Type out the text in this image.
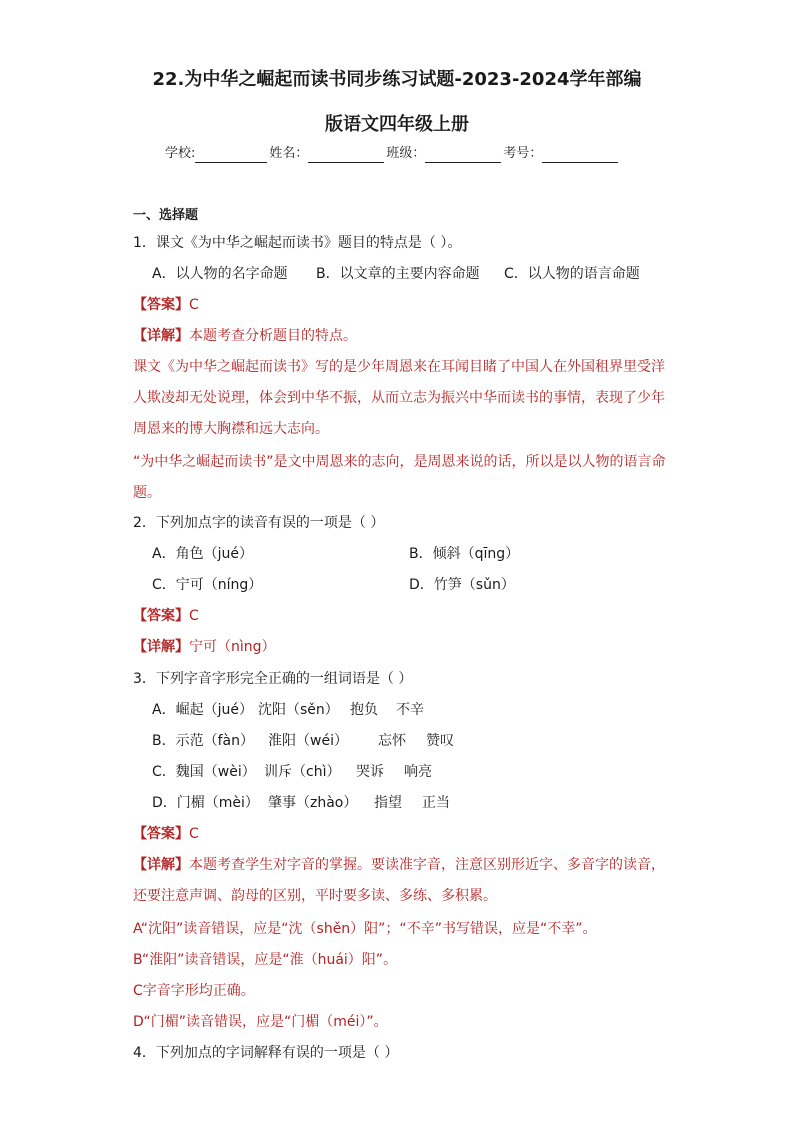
22.为中华之崛起而读书同步练习试题-2023-2024学年部编
版语文四年级上册
学校:	姓名：	班级：	考号：
一、选择题
1．课文《为中华之崛起而读书》题目的特点是（ ）。
A．以人物的名字命题 B．以文章的主要内容命题 C．以人物的语言命题
【答案】C
【详解】本题考查分析题目的特点。
课文《为中华之崛起而读书》写的是少年周恩来在耳闻目睹了中国人在外国租界里受洋
人欺凌却无处说理，体会到中华不振，从而立志为振兴中华而读书的事情，表现了少年
周恩来的博大胸襟和远大志向。
“为中华之崛起而读书”是文中周恩来的志向，是周恩来说的话，所以是以人物的语言命
题。
2．下列加点字的读音有误的一项是（ ）
A．角色（jué）	B．倾斜（qīng）
C．宁可（níng）	D．竹笋（sǔn）
【答案】C
【详解】宁可（nìng）
3．下列字音字形完全正确的一组词语是（ ）
A．崛起（jué） 沈阳（sěn） 抱负 不辛
B．示范（fàn） 淮阳（wéi） 忘怀 赞叹
C．魏国（wèi） 训斥（chì） 哭诉 响亮
D．门楣（mèi） 肇事（zhào） 指望 正当
【答案】C
【详解】本题考查学生对字音的掌握。要读准字音，注意区别形近字、多音字的读音，
还要注意声调、韵母的区别，平时要多读、多练、多积累。
A“沈阳”读音错误，应是“沈（shěn）阳”；“不辛”书写错误，应是“不幸”。
B“淮阳”读音错误，应是“淮（huái）阳”。
C字音字形均正确。
D“门楣”读音错误，应是“门楣（méi）”。
4．下列加点的字词解释有误的一项是（ ）
